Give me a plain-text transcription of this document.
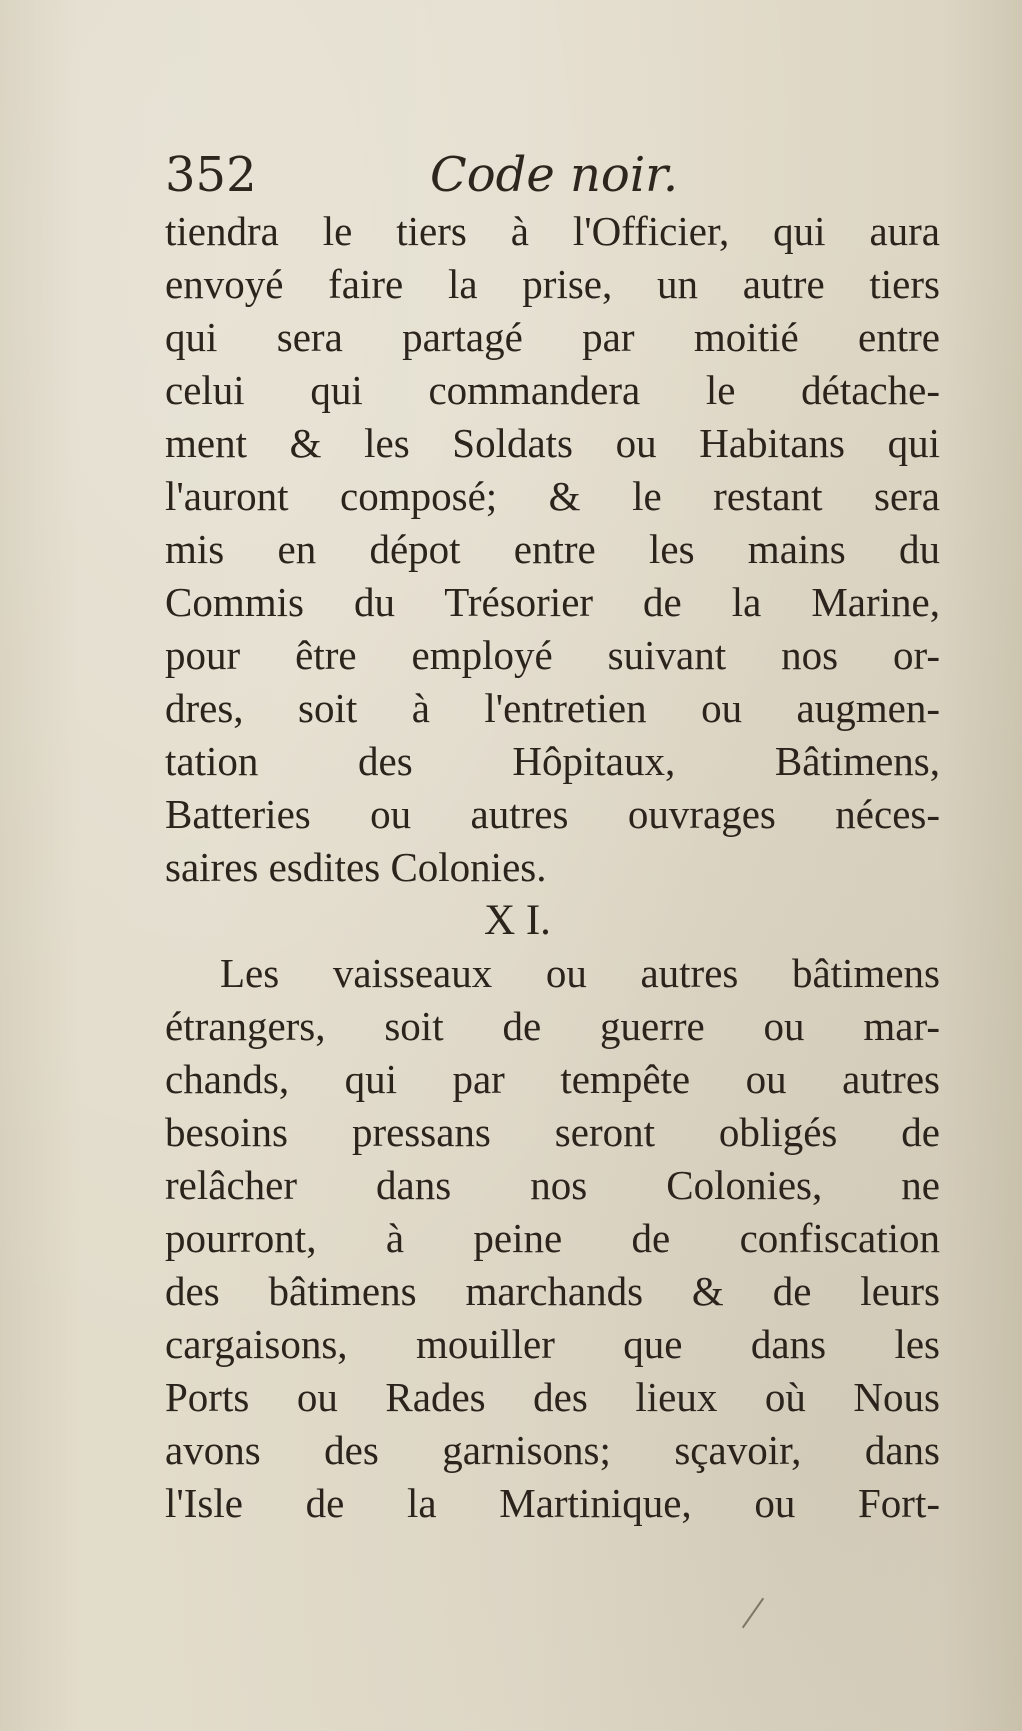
352	Code noir.
tiendra le tiers à l'Officier, qui aura
envoyé faire la prise, un autre tiers
qui sera partagé par moitié entre
celui qui commandera le détache-
ment & les Soldats ou Habitans qui
l'auront composé; & le restant sera
mis en dépot entre les mains du
Commis du Trésorier de la Marine,
pour être employé suivant nos or-
dres, soit à l'entretien ou augmen-
tation des Hôpitaux, Bâtimens,
Batteries ou autres ouvrages néces-
saires esdites Colonies.
X I.
Les vaisseaux ou autres bâtimens
étrangers, soit de guerre ou mar-
chands, qui par tempête ou autres
besoins pressans seront obligés de
relâcher dans nos Colonies, ne
pourront, à peine de confiscation
des bâtimens marchands & de leurs
cargaisons, mouiller que dans les
Ports ou Rades des lieux où Nous
avons des garnisons; sçavoir, dans
l'Isle de la Martinique, ou Fort-
